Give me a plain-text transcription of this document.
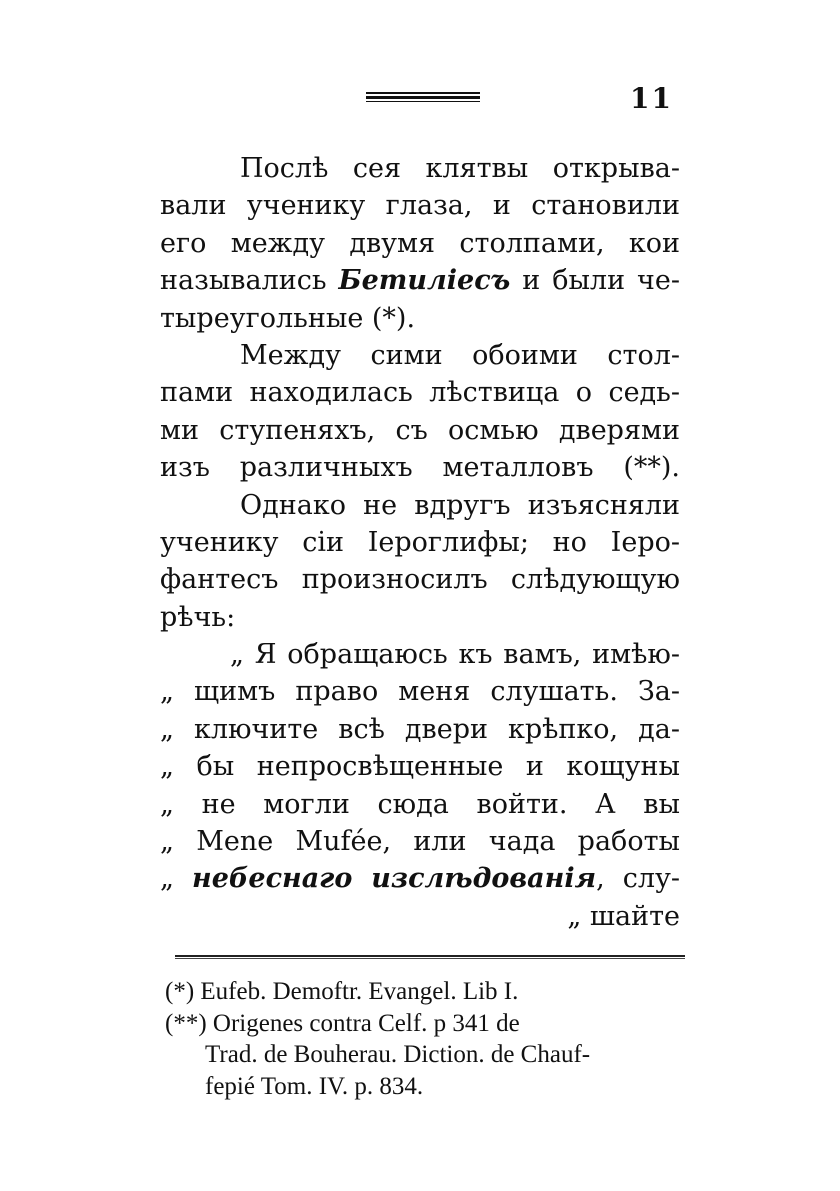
11
Послѣ сея клятвы открыва-
вали ученику глаза, и становили
его между двумя столпами, кои
назывались Бетиліесъ и были че-
тыреугольные (*).
Между сими обоими стол-
пами находилась лѣствица о седь-
ми ступеняхъ, съ осмью дверями
изъ различныхъ металловъ (**).
Однако не вдругъ изъясняли
ученику сіи Іероглифы; но Іеро-
фантесъ произносилъ слѣдующую
рѣчь:
„ Я обращаюсь къ вамъ, имѣю-
„ щимъ право меня слушать. За-
„ ключите всѣ двери крѣпко, да-
„ бы непросвѣщенные и кощуны
„ не могли сюда войти. А вы
„ Mene Mufée, или чада работы
„ небеснаго изслѣдованія, слу-
„ шайте
(*) Eufeb. Demoftr. Evangel. Lib I.
(**) Origenes contra Celf. p 341 de
Trad. de Bouherau. Diction. de Chauf-
fepié Tom. IV. p. 834.
